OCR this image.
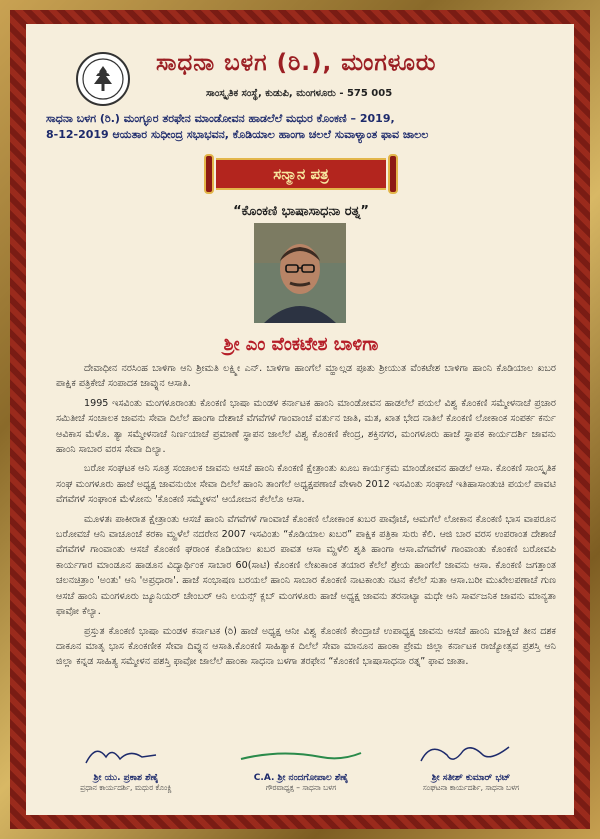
ಸಾಧನಾ ಬಳಗ (ರಿ.), ಮಂಗಳೂರು
ಸಾಂಸ್ಕೃತಿಕ ಸಂಸ್ಥೆ, ಕುಡುಪಿ, ಮಂಗಳೂರು - 575 005
ಸಾಧನಾ ಬಳಗ (ರಿ.) ಮಂಗ್ಳೂರ ತರಫೇನ ಮಾಂಡೋವನ ಹಾಡಲೆಲೆ ಮಧುರ ಕೊಂಕಣಿ – 2019,
8-12-2019 ಆಯತಾರ ಸುಧೀಂದ್ರ ಸಭಾಭವನ, ಕೊಡಿಯಾಲ ಹಾಂಗಾ ಚಲಲೆ ಸುವಾಳ್ಯಾಂತ ಫಾವ ಜಾಲಲ
ಸನ್ಮಾನ ಪತ್ರ
“ಕೊಂಕಣಿ ಭಾಷಾಸಾಧನಾ ರತ್ನ”
ಶ್ರೀ ಎಂ ವೆಂಕಟೇಶ ಬಾಳಿಗಾ

ದೇವಾಧೀನ ನರಸಿಂಹ ಬಾಳಿಗಾ ಆನಿ ಶ್ರೀಮತಿ ಲಕ್ಷ್ಮೀ ಎನ್. ಬಾಳಿಗಾ ಹಾಂಗೆಲೆ ಮ್ಹಾಲ್ಗಡ ಪೂತು ಶ್ರೀಯುತ ವೆಂಕಟೇಶ ಬಾಳಿಗಾ ಹಾಂನಿ ಕೊಡಿಯಾಲ ಖಬರ ಪಾಕ್ಷಿಕ ಪತ್ರಿಕೇಚೆ ಸಂಪಾದಕ ಜಾವ್ನುನ ಆಸಾತಿ.

1995 ಇಸವಿಂತು ಮಂಗಳೂರಾಂತು ಕೊಂಕಣಿ ಭಾಷಾ ಮಂಡಳ ಕರ್ನಾಟಕ ಹಾಂನಿ ಮಾಂಡೋವನ ಹಾಡಲೆಲೆ ಪಯಲೆ ವಿಶ್ವ ಕೊಂಕಣಿ ಸಮ್ಮೇಳನಾಚೆ ಪ್ರಚಾರ ಸಮಿತೀಚೆ ಸಂಚಾಲಕ ಜಾವನು ಸೇವಾ ದಿಲೆಲೆ ಹಾಂಗಾ ದೇಶಾಚೆ ವೆಗವೆಗಳೆ ಗಾಂವಾಂಚೆ ವರ್ತುನ ಜಾತಿ, ಮತ, ಖಾತ ಭೇದ ನಾತಿಲೆ ಕೊಂಕಣಿ ಲೋಕಾಂಕ ಸಂಪರ್ಕ ಕರ್ನು ಆವಿಕಾಸ ಮೆಳೊ. ತ್ಯಾ ಸಮ್ಮೇಳನಾಚೆ ನಿರ್ಣಯಾಚೆ ಪ್ರಮಾಣೆ ಸ್ಥಾಪನ ಜಾಲೆಲೆ ವಿಶ್ವ ಕೊಂಕಣಿ ಕೇಂದ್ರ, ಶಕ್ತಿನಗರ, ಮಂಗಳೂರು ಹಾಜೆ ಸ್ಥಾಪಕ ಕಾರ್ಯದರ್ಶಿ ಜಾವನು ಹಾಂನಿ ಸಾಬಾರ ವರಸ ಸೇವಾ ದಿಲ್ಯಾ.

ಬರೋ ಸಂಘಟಕ ಆನಿ ಸೂತ್ರ ಸಂಚಾಲಕ ಜಾವನು ಆಸಚೆ ಹಾಂನಿ ಕೊಂಕಣಿ ಕ್ಷೇತ್ರಾಂತು ಖೂಬ ಕಾರ್ಯಕ್ರಮ ಮಾಂಡೋವನ ಹಾಡಲೆ ಆಸಾ. ಕೊಂಕಣಿ ಸಾಂಸ್ಕೃತಿಕ ಸಂಘ ಮಂಗಳೂರು ಹಾಜೆ ಅಧ್ಯಕ್ಷ ಜಾವನುಯೀ ಸೇವಾ ದಿಲೆಲೆ ಹಾಂನಿ ತಾಂಗೆಲೆ ಅಧ್ಯಕ್ಷಪಣಾಚೆ ವೇಳಾರಿ 2012 ಇಸವಿಂತು ಸಂಘಾಚೆ ಇತಿಹಾಸಾಂತುಚಿ ಪಯಲೆ ಪಾವಟಿ ವೆಗವೆಗಳೆ ಸಂಘಾಂಕ ಮೆಳೋನು 'ಕೊಂಕಣಿ ಸಮ್ಮೇಳನ' ಆಯೋಜನ ಕೆಲೆಲೊ ಆಸಾ.

ಮೂಳತಃ ಪಾಕೀರಾತ ಕ್ಷೇತ್ರಾಂತು ಆಸಚೆ ಹಾಂನಿ ವೆಗವೆಗಳೆ ಗಾಂವಾಚೆ ಕೊಂಕಣಿ ಲೋಕಾಂಕ ಖಬರ ಪಾವೊಚೆ, ಆಮಗೆಲೆ ಲೋಕಾನ ಕೊಂಕಣಿ ಭಾಸ ವಾಪರೂನ ಬರೋವಚೆ ಆನಿ ವಾಚೂಂಚೆ ಕರಕಾ ಮ್ಹಳೆಲೆ ನದರೇನ 2007 ಇಸವಿಂತು “ಕೊಡಿಯಾಲ ಖಬರ” ಪಾಕ್ಷಿಕ ಪತ್ರಿಕಾ ಸುರು ಕೆಲಿ. ಆಜಿ ಬಾರ ವರಸ ಉಪರಾಂತ ದೇಶಾಚೆ ವೆಗವೆಗಳೆ ಗಾಂವಾಂತು ಆಸಚೆ ಕೊಂಕಣಿ ಘರಾಂಕ ಕೊಡಿಯಾಲ ಖಬರ ಪಾವತ ಆಸಾ ಮ್ಹಳೆಲಿ ಶೃತಿ ಹಾಂಗಾ ಆಸಾ.ವೆಗವೆಗಳೆ ಗಾಂವಾಂತು ಕೊಂಕಣಿ ಬರೋವಪಿ ಕಾರ್ಯಗಾರ ಮಾಂಡೂನ ಹಾಡೂನ ವಿದ್ಯಾರ್ಥಿಂಕ ಸಾಬಾರ 60(ಸಾಟಿ) ಕೊಂಕಣಿ ಲೇಖಕಾಂಕ ತಯಾರ ಕೆಲೆಲೆ ಶ್ರೇಯ ಹಾಂಗೆಲೆ ಜಾವನು ಆಸಾ. ಕೊಂಕಣಿ ಜಗತ್ತಾಂತ ಚಲನಚಿತ್ರಾಂ 'ಅಂತು' ಆನಿ 'ಅಪ್ರಧಾರಾ'. ಹಾಜೆ ಸಂಭಾಷಣ ಬರಯಲೆ ಹಾಂನಿ ಸಾಬಾರ ಕೊಂಕಣಿ ನಾಟಕಾಂತು ನಟನ ಕೆಲೆಲೆ ಸುತಾ ಆಸಾ.ಬರೀ ಮುಖೇಲಪಣಾಚೆ ಗುಣ ಆಸಚೆ ಹಾಂನಿ ಮಂಗಳೂರು ಜ್ಯೂನಿಯರ್ ಚೇಂಬರ್ ಆನಿ ಲಯನ್ಸ್ ಕ್ಲಬ್ ಮಂಗಳೂರು ಹಾಜೆ ಅಧ್ಯಕ್ಷ ಜಾವನು ತರನಾಟ್ಯಾ ಮಧೇ ಆನಿ ಸಾರ್ವಜನಿಕ ಜಾವನು ಮಾನ್ಯತಾ ಫಾವೋ ಕೆಲ್ಯಾ.

ಪ್ರಸ್ತುತ ಕೊಂಕಣಿ ಭಾಷಾ ಮಂಡಳ ಕರ್ನಾಟಕ (ರಿ) ಹಾಜೆ ಅಧ್ಯಕ್ಷ ಆನೀ ವಿಶ್ವ ಕೊಂಕಣಿ ಕೇಂದ್ರಾಚೆ ಉಪಾಧ್ಯಕ್ಷ ಜಾವನು ಆಸಚೆ ಹಾಂನಿ ಮಾಕ್ಷಿಚೆ ತೀನ ದಶಕ ದಾಕೂನ ಮಾತೃ ಭಾಸ ಕೊಂಕಣೀಕ ಸೇವಾ ದಿವ್ನುನ ಆಸಾತಿ.ಕೊಂಕಣಿ ಸಾಹಿತ್ಯಾಕ ದಿಲೆಲೆ ಸೇವಾ ಮಾನೂನ ಹಾಂಕಾ ಪ್ರೇಮ ಜಿಲ್ಲಾ ಕರ್ನಾಟಕ ರಾಜ್ಯೋತ್ಸವ ಪ್ರಶಸ್ತಿ ಆನಿ ಜಿಲ್ಲಾ ಕನ್ನಡ ಸಾಹಿತ್ಯ ಸಮ್ಮೇಳನ ಪಶಸ್ತಿ ಫಾವೋ ಜಾಲೆಲೆ ಹಾಂಕಾ ಸಾಧನಾ ಬಳಗಾ ತರಫೇನ “ಕೊಂಕಣಿ ಭಾಷಾಸಾಧನಾ ರತ್ನ” ಫಾವ ಜಾತಾ.

ಶ್ರೀ ಯು. ಪ್ರಕಾಶ ಶೆಣೈ
ಪ್ರಧಾನ ಕಾರ್ಯದರ್ಶಿ, ಮಧುರ ಕೊಂಕ್ಣಿ
C.A. ಶ್ರೀ ನಂದಗೋಪಾಲ ಶೆಣೈ
ಗೌರವಾಧ್ಯಕ್ಷ – ಸಾಧನಾ ಬಳಗ
ಶ್ರೀ ಸತೀಶ್ ಕುಮಾರ್ ಭಟ್
ಸಂಘಟನಾ ಕಾರ್ಯದರ್ಶಿ, ಸಾಧನಾ ಬಳಗ
